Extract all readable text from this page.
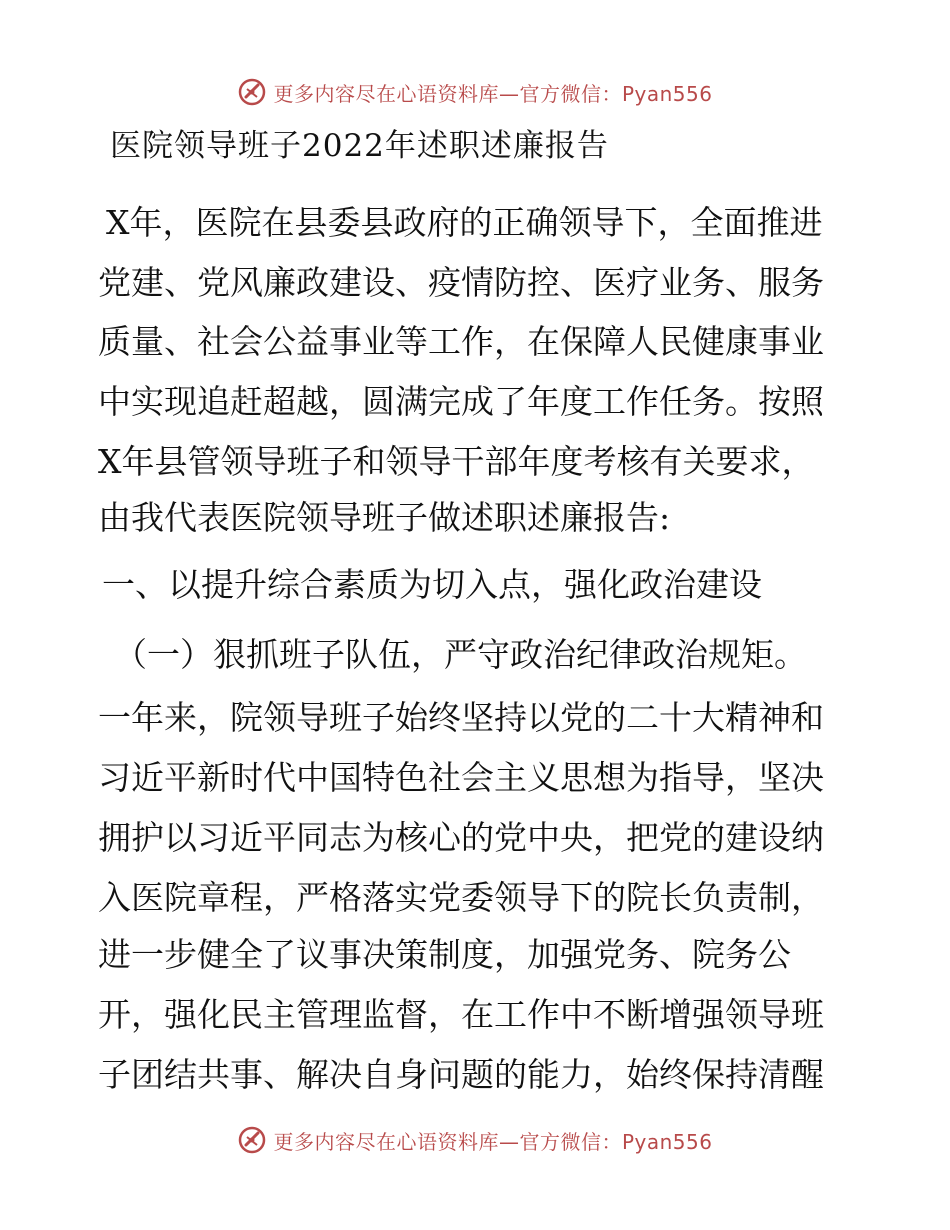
更多内容尽在心语资料库—官方微信：Pyan556
医院领导班子2022年述职述廉报告
X年，医院在县委县政府的正确领导下，全面推进
党建、党风廉政建设、疫情防控、医疗业务、服务
质量、社会公益事业等工作，在保障人民健康事业
中实现追赶超越，圆满完成了年度工作任务。按照
X年县管领导班子和领导干部年度考核有关要求，
由我代表医院领导班子做述职述廉报告:
一、以提升综合素质为切入点，强化政治建设
（一）狠抓班子队伍，严守政治纪律政治规矩。
一年来，院领导班子始终坚持以党的二十大精神和
习近平新时代中国特色社会主义思想为指导，坚决
拥护以习近平同志为核心的党中央，把党的建设纳
入医院章程，严格落实党委领导下的院长负责制，
进一步健全了议事决策制度，加强党务、院务公
开，强化民主管理监督，在工作中不断增强领导班
子团结共事、解决自身问题的能力，始终保持清醒
更多内容尽在心语资料库—官方微信：Pyan556
